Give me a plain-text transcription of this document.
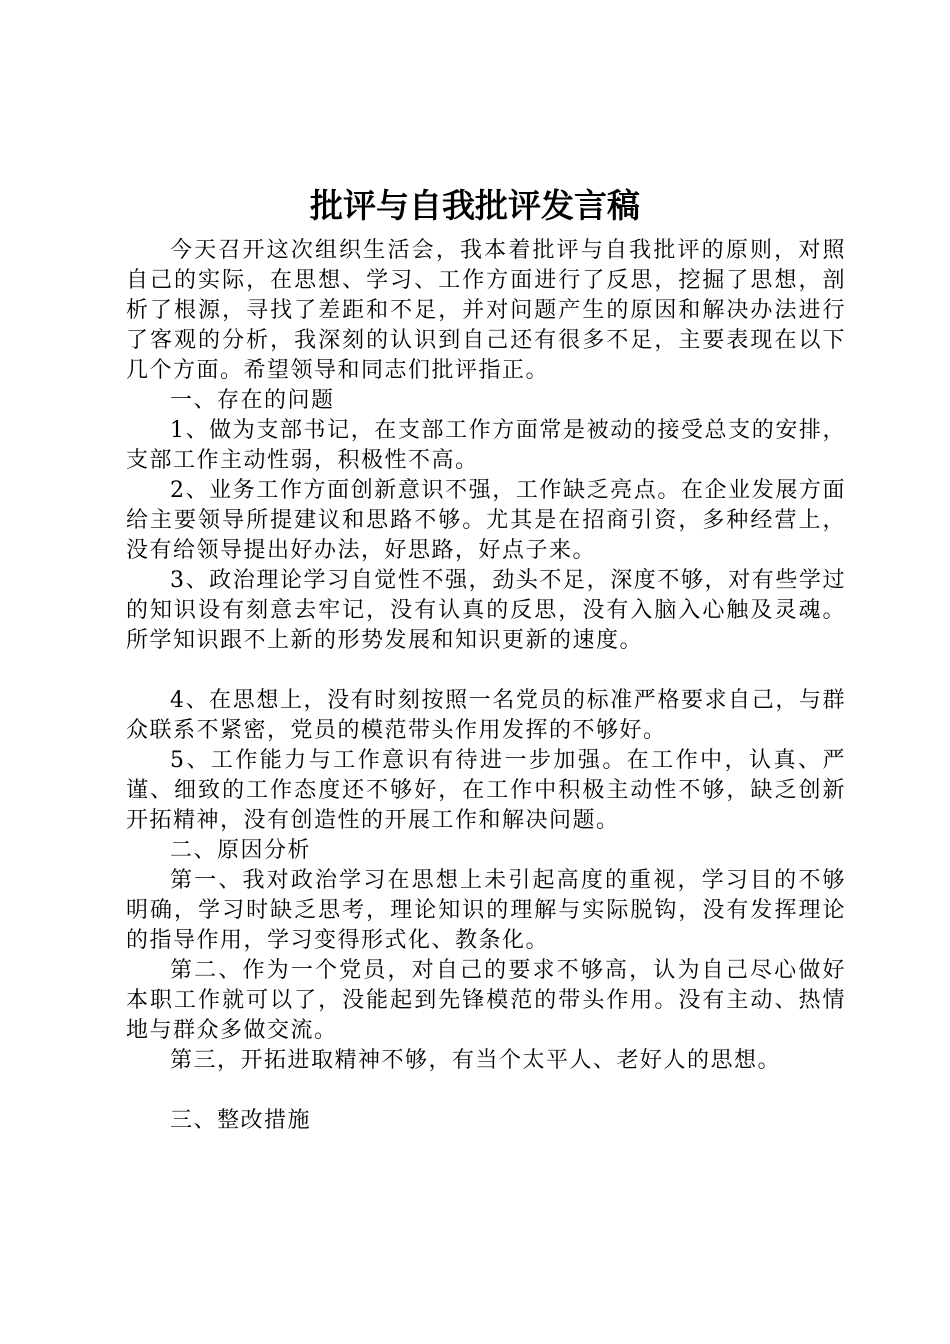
批评与自我批评发言稿

今天召开这次组织生活会，我本着批评与自我批评的原则，对照自己的实际，在思想、学习、工作方面进行了反思，挖掘了思想，剖析了根源，寻找了差距和不足，并对问题产生的原因和解决办法进行了客观的分析，我深刻的认识到自己还有很多不足，主要表现在以下几个方面。希望领导和同志们批评指正。

一、存在的问题

1、做为支部书记，在支部工作方面常是被动的接受总支的安排，支部工作主动性弱，积极性不高。

2、业务工作方面创新意识不强，工作缺乏亮点。在企业发展方面给主要领导所提建议和思路不够。尤其是在招商引资，多种经营上，没有给领导提出好办法，好思路，好点子来。

3、政治理论学习自觉性不强，劲头不足，深度不够，对有些学过的知识设有刻意去牢记，没有认真的反思，没有入脑入心触及灵魂。所学知识跟不上新的形势发展和知识更新的速度。

4、在思想上，没有时刻按照一名党员的标准严格要求自己，与群众联系不紧密，党员的模范带头作用发挥的不够好。

5、工作能力与工作意识有待进一步加强。在工作中，认真、严谨、细致的工作态度还不够好，在工作中积极主动性不够，缺乏创新开拓精神，没有创造性的开展工作和解决问题。

二、原因分析

第一、我对政治学习在思想上未引起高度的重视，学习目的不够明确，学习时缺乏思考，理论知识的理解与实际脱钩，没有发挥理论的指导作用，学习变得形式化、教条化。

第二、作为一个党员，对自己的要求不够高，认为自己尽心做好本职工作就可以了，没能起到先锋模范的带头作用。没有主动、热情地与群众多做交流。

第三，开拓进取精神不够，有当个太平人、老好人的思想。

三、整改措施
